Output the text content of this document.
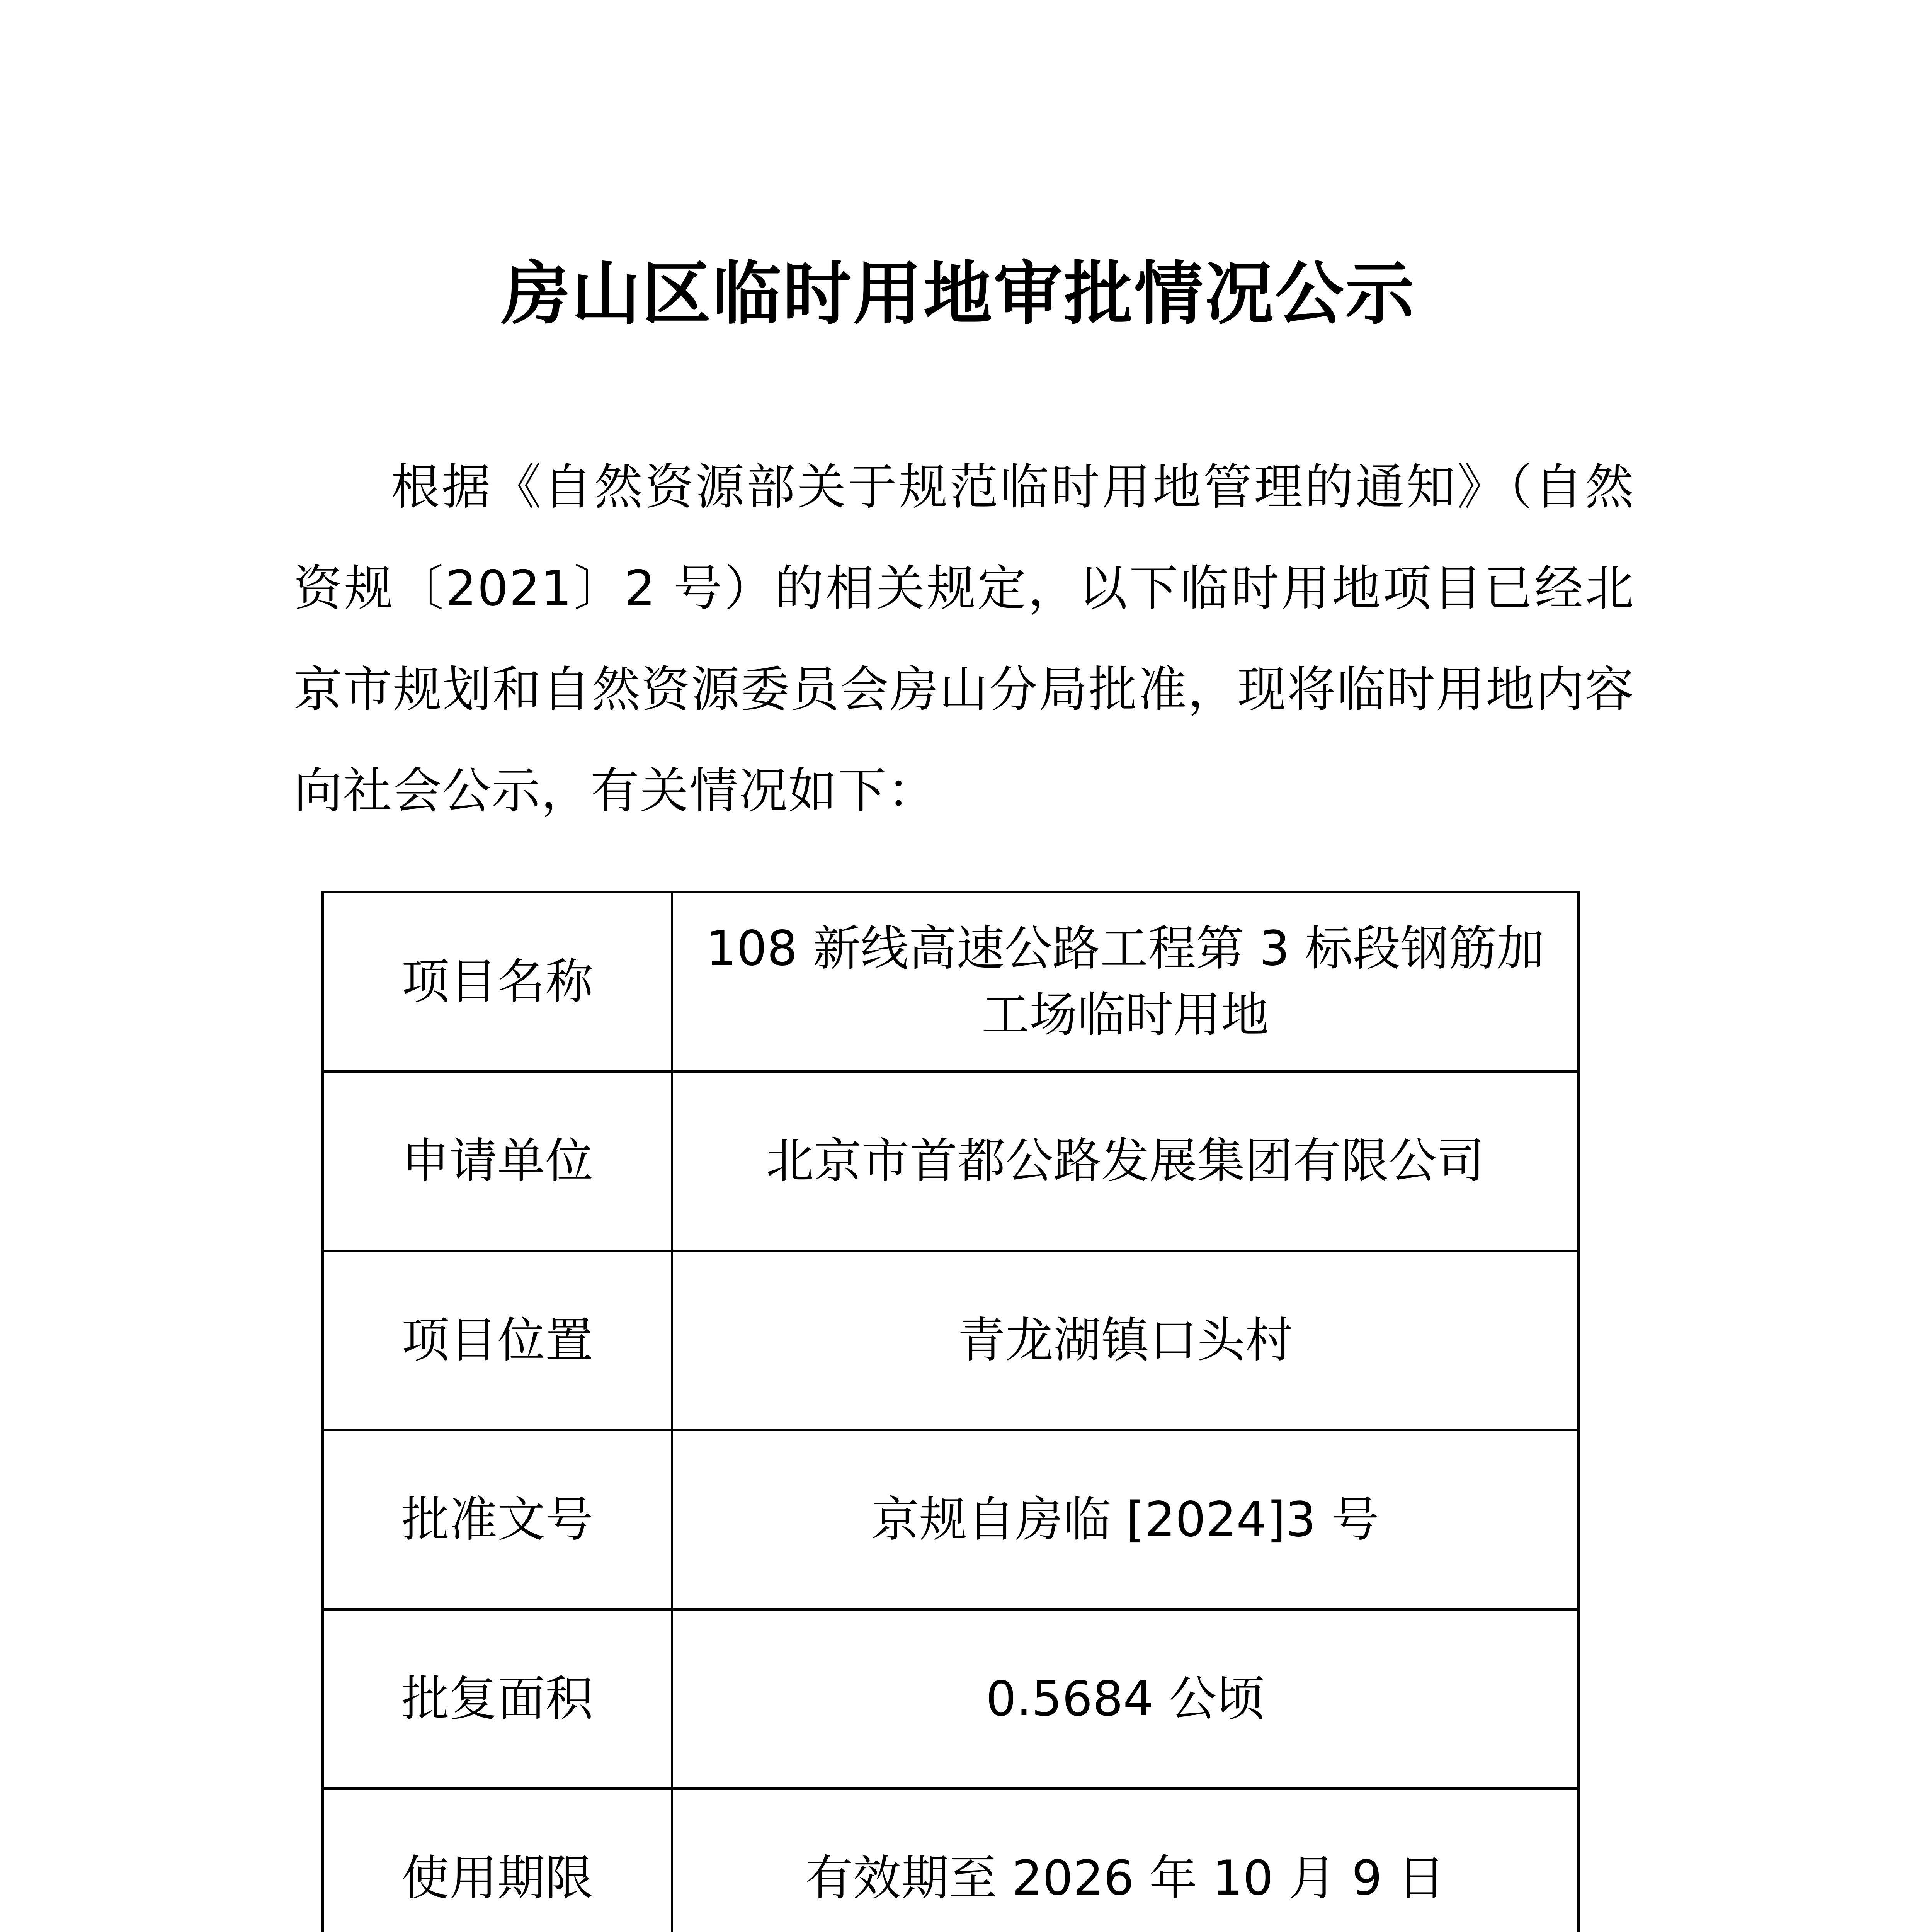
房山区临时用地审批情况公示

根据《自然资源部关于规范临时用地管理的通知》（自然资规〔2021〕2 号）的相关规定，以下临时用地项目已经北京市规划和自然资源委员会房山分局批准，现将临时用地内容向社会公示，有关情况如下：

项目名称	108 新线高速公路工程第 3 标段钢筋加工场临时用地
申请单位	北京市首都公路发展集团有限公司
项目位置	青龙湖镇口头村
批准文号	京规自房临 [2024]3 号
批复面积	0.5684 公顷
使用期限	有效期至 2026 年 10 月 9 日
